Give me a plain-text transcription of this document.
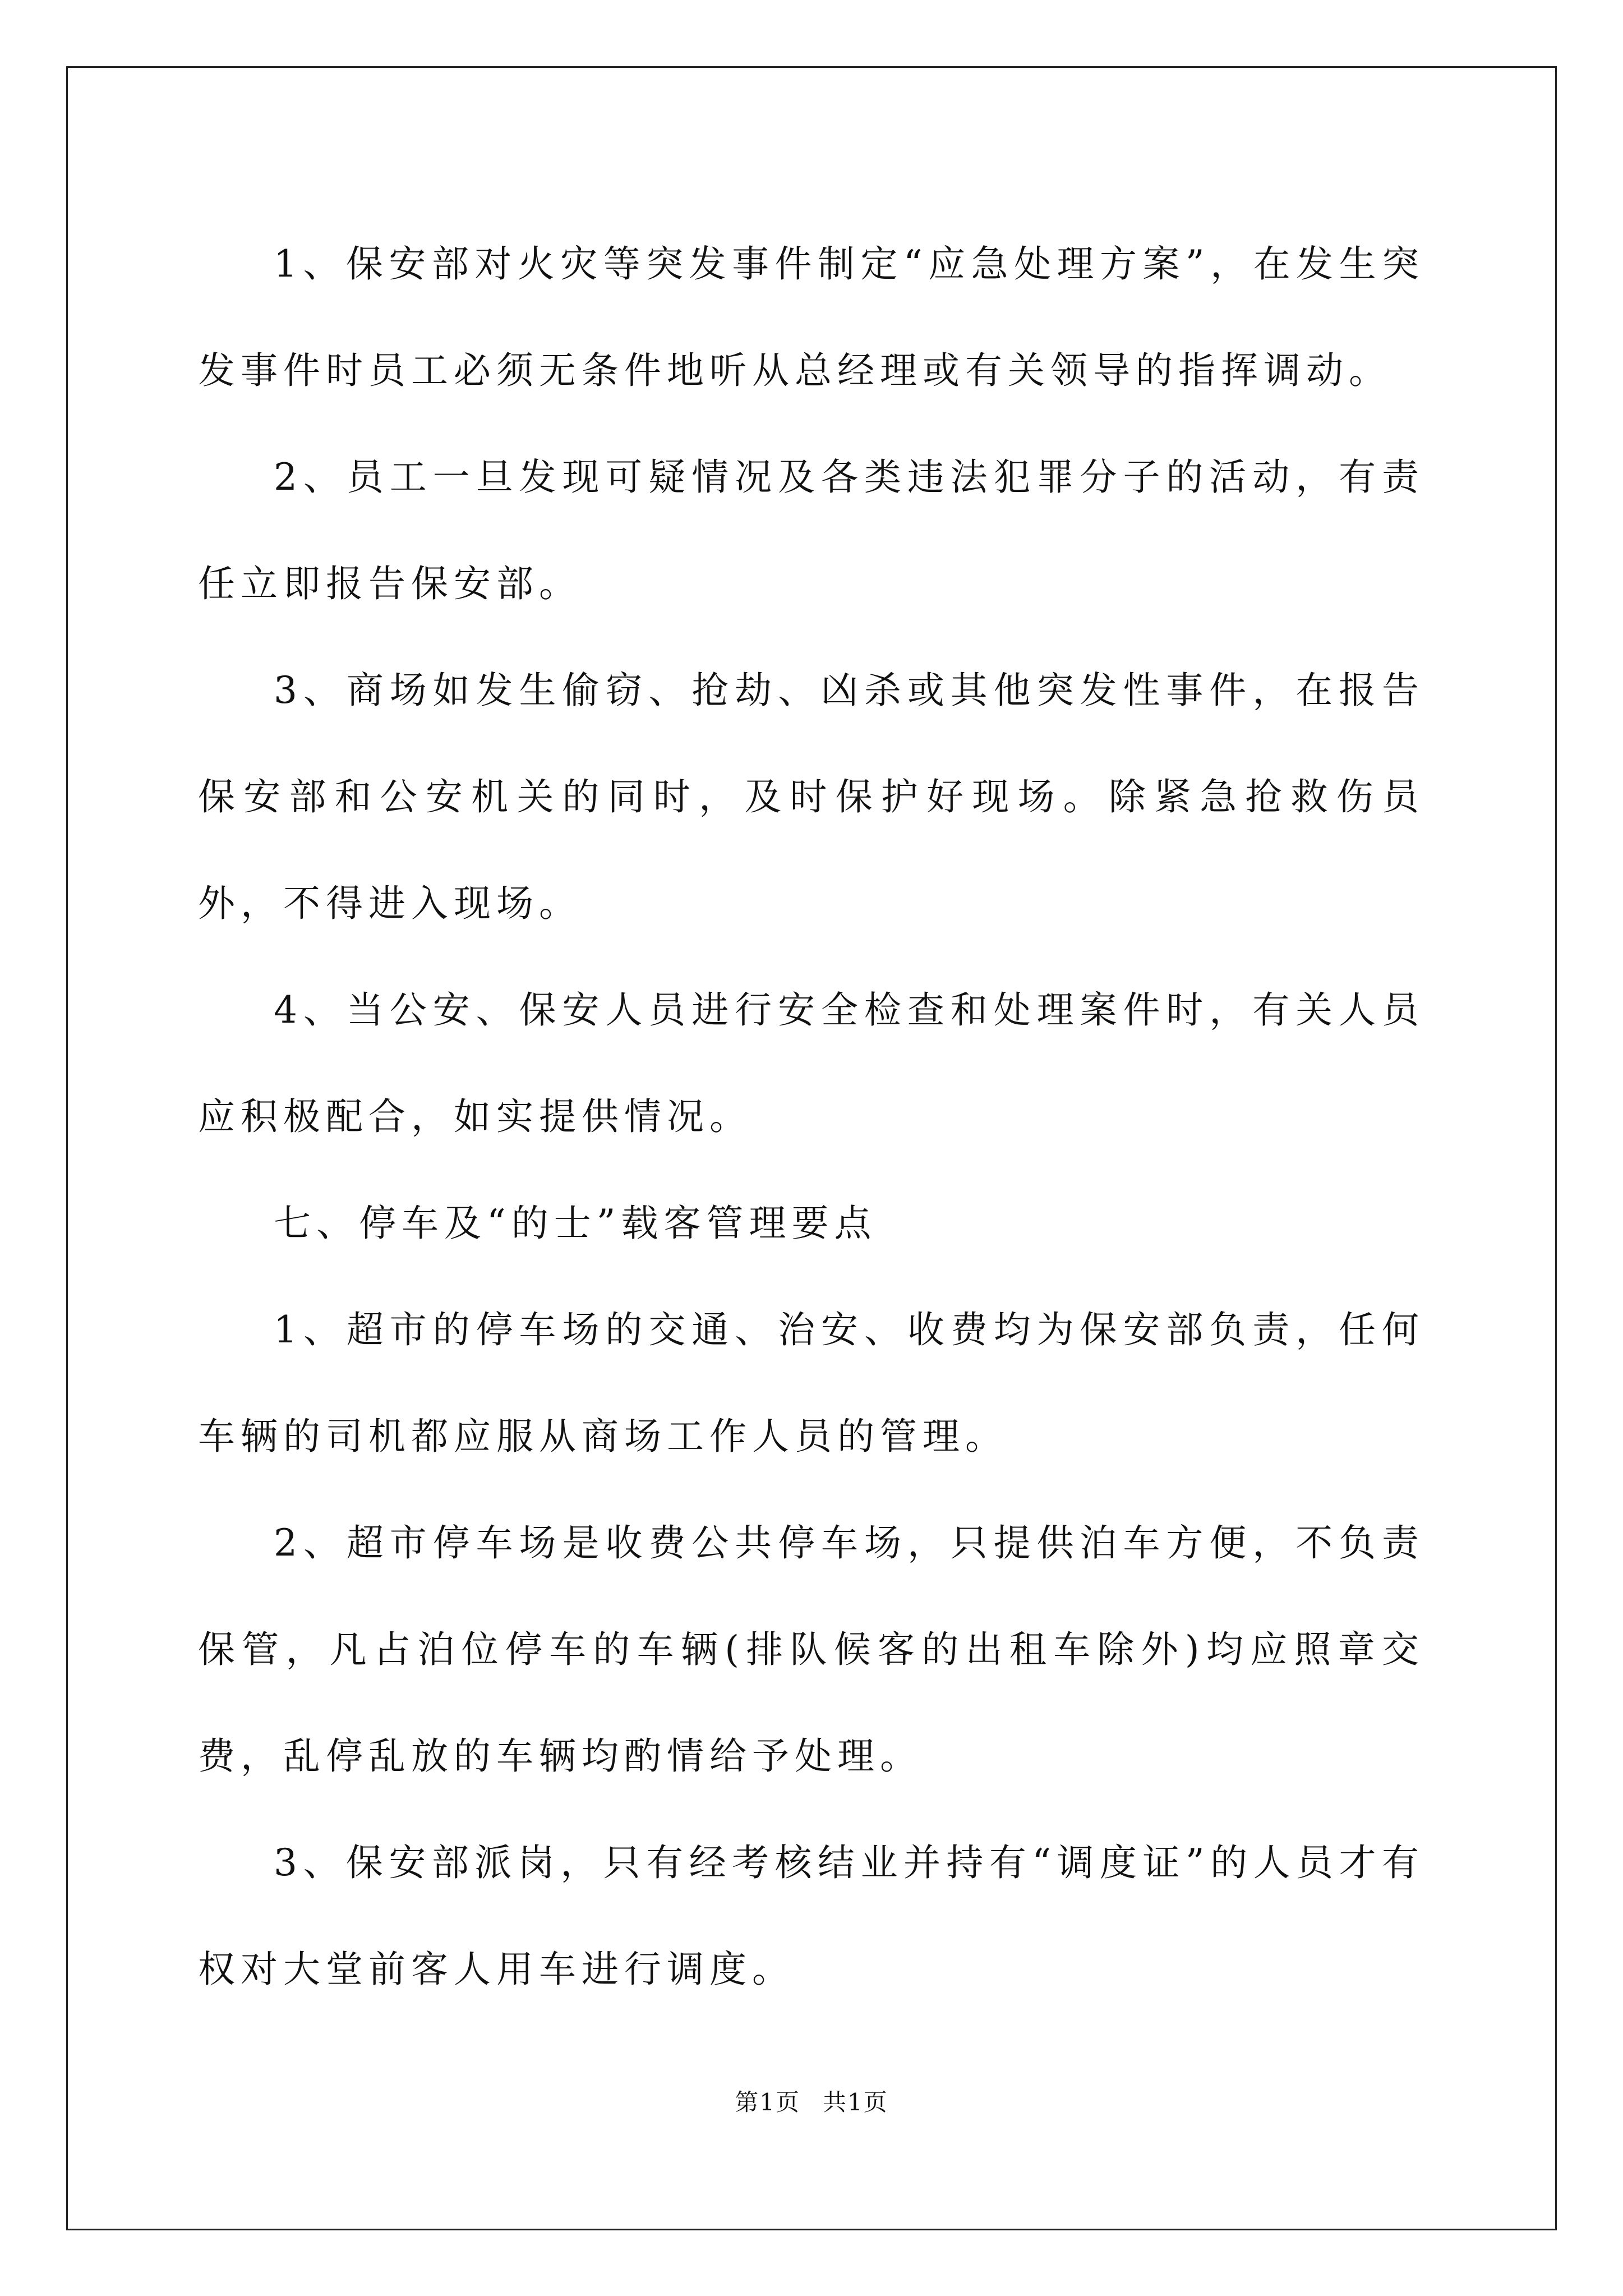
1、保安部对火灾等突发事件制定“应急处理方案”，在发生突发事件时员工必须无条件地听从总经理或有关领导的指挥调动。

2、员工一旦发现可疑情况及各类违法犯罪分子的活动，有责任立即报告保安部。

3、商场如发生偷窃、抢劫、凶杀或其他突发性事件，在报告保安部和公安机关的同时，及时保护好现场。除紧急抢救伤员外，不得进入现场。

4、当公安、保安人员进行安全检查和处理案件时，有关人员应积极配合，如实提供情况。

七、停车及“的士”载客管理要点

1、超市的停车场的交通、治安、收费均为保安部负责，任何车辆的司机都应服从商场工作人员的管理。

2、超市停车场是收费公共停车场，只提供泊车方便，不负责保管，凡占泊位停车的车辆(排队候客的出租车除外)均应照章交费，乱停乱放的车辆均酌情给予处理。

3、保安部派岗，只有经考核结业并持有“调度证”的人员才有权对大堂前客人用车进行调度。

第1页 共1页
